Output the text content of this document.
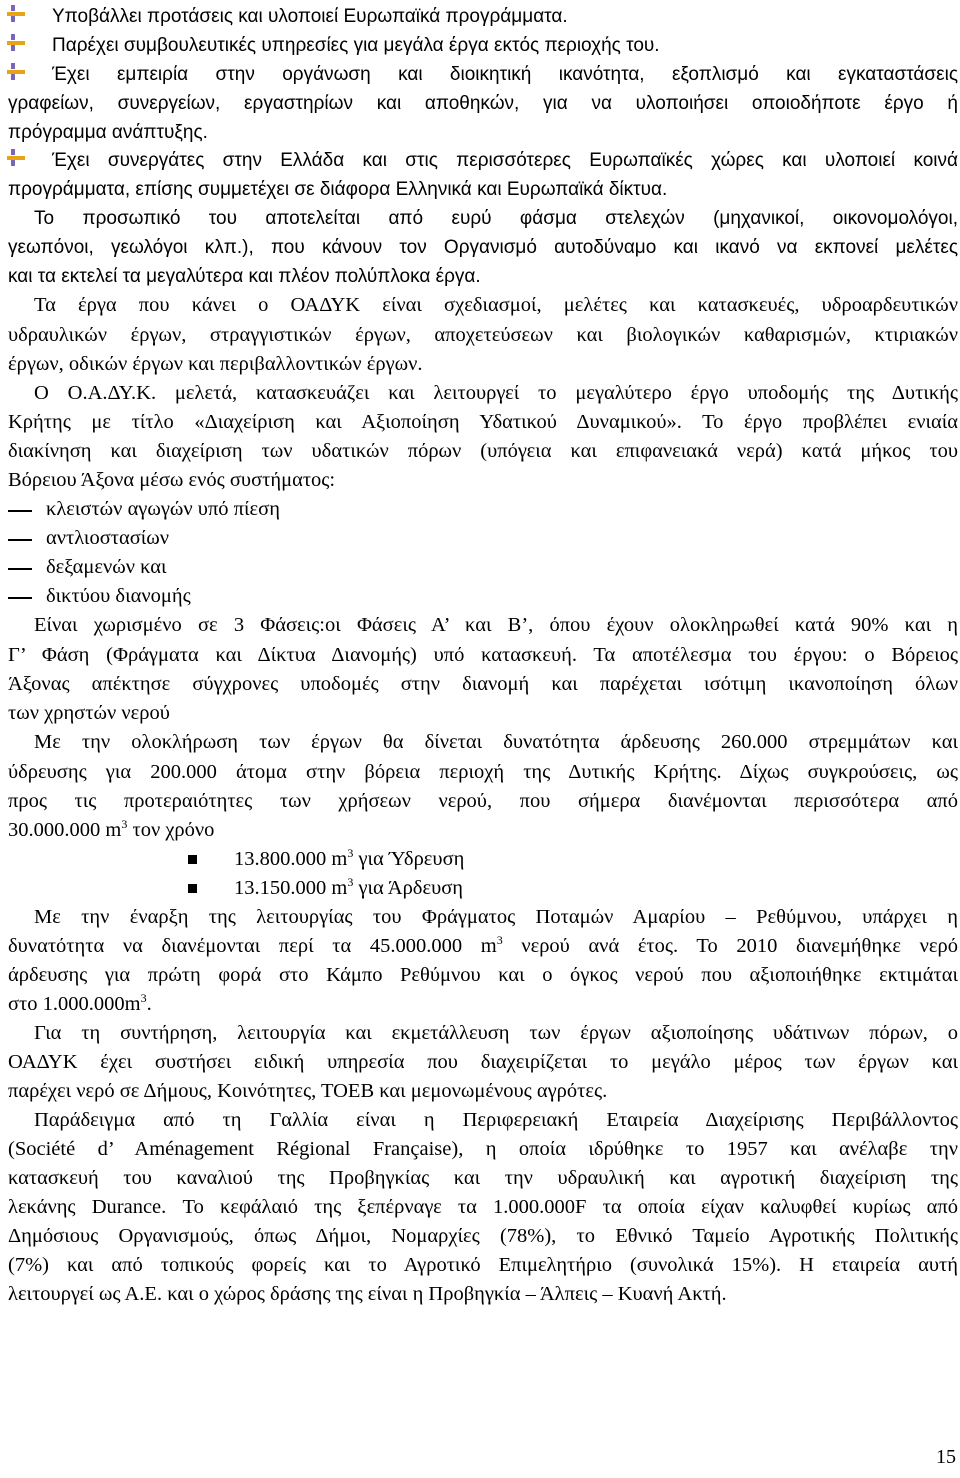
Υποβάλλει προτάσεις και υλοποιεί Ευρωπαϊκά προγράμματα.
Παρέχει συμβουλευτικές υπηρεσίες για μεγάλα έργα εκτός περιοχής του.
Έχει εμπειρία στην οργάνωση και διοικητική ικανότητα, εξοπλισμό και εγκαταστάσεις
γραφείων, συνεργείων, εργαστηρίων και αποθηκών, για να υλοποιήσει οποιοδήποτε έργο ή
πρόγραμμα ανάπτυξης.
Έχει συνεργάτες στην Ελλάδα και στις περισσότερες Ευρωπαϊκές χώρες και υλοποιεί κοινά
προγράμματα, επίσης συμμετέχει σε διάφορα Ελληνικά και Ευρωπαϊκά δίκτυα.
Το προσωπικό του αποτελείται από ευρύ φάσμα στελεχών (μηχανικοί, οικονομολόγοι,
γεωπόνοι, γεωλόγοι κλπ.), που κάνουν τον Οργανισμό αυτοδύναμο και ικανό να εκπονεί μελέτες
και τα εκτελεί τα μεγαλύτερα και πλέον πολύπλοκα έργα.
Τα έργα που κάνει ο ΟΑΔΥΚ είναι σχεδιασμοί, μελέτες και κατασκευές, υδροαρδευτικών
υδραυλικών έργων, στραγγιστικών έργων, αποχετεύσεων και βιολογικών καθαρισμών, κτιριακών
έργων, οδικών έργων και περιβαλλοντικών έργων.
Ο Ο.Α.ΔΥ.Κ. μελετά, κατασκευάζει και λειτουργεί το μεγαλύτερο έργο υποδομής της Δυτικής
Κρήτης με τίτλο «Διαχείριση και Αξιοποίηση Υδατικού Δυναμικού». Το έργο προβλέπει ενιαία
διακίνηση και διαχείριση των υδατικών πόρων (υπόγεια και επιφανειακά νερά) κατά μήκος του
Βόρειου Άξονα μέσω ενός συστήματος:
κλειστών αγωγών υπό πίεση
αντλιοστασίων
δεξαμενών και
δικτύου διανομής
Είναι χωρισμένο σε 3 Φάσεις:οι Φάσεις Α’ και Β’, όπου έχουν ολοκληρωθεί κατά 90% και η
Γ’ Φάση (Φράγματα και Δίκτυα Διανομής) υπό κατασκευή. Τα αποτέλεσμα του έργου: ο Βόρειος
Άξονας απέκτησε σύγχρονες υποδομές στην διανομή και παρέχεται ισότιμη ικανοποίηση όλων
των χρηστών νερού
Με την ολοκλήρωση των έργων θα δίνεται δυνατότητα άρδευσης 260.000 στρεμμάτων και
ύδρευσης για 200.000 άτομα στην βόρεια περιοχή της Δυτικής Κρήτης. Δίχως συγκρούσεις, ως
προς τις προτεραιότητες των χρήσεων νερού, που σήμερα διανέμονται περισσότερα από
30.000.000 $m^3$ τον χρόνο
13.800.000 $m^3$ για Ύδρευση
13.150.000 $m^3$ για Άρδευση
Με την έναρξη της λειτουργίας του Φράγματος Ποταμών Αμαρίου – Ρεθύμνου, υπάρχει η
δυνατότητα να διανέμονται περί τα 45.000.000 $m^3$ νερού ανά έτος. Το 2010 διανεμήθηκε νερό
άρδευσης για πρώτη φορά στο Κάμπο Ρεθύμνου και ο όγκος νερού που αξιοποιήθηκε εκτιμάται
στο $1.000.000m^3$.
Για τη συντήρηση, λειτουργία και εκμετάλλευση των έργων αξιοποίησης υδάτινων πόρων, ο
ΟΑΔΥΚ έχει συστήσει ειδική υπηρεσία που διαχειρίζεται το μεγάλο μέρος των έργων και
παρέχει νερό σε Δήμους, Κοινότητες, ΤΟΕΒ και μεμονωμένους αγρότες.
Παράδειγμα από τη Γαλλία είναι η Περιφερειακή Εταιρεία Διαχείρισης Περιβάλλοντος
(Société d’ Aménagement Régional Française), η οποία ιδρύθηκε το 1957 και ανέλαβε την
κατασκευή του καναλιού της Προβηγκίας και την υδραυλική και αγροτική διαχείριση της
λεκάνης Durance. Το κεφάλαιό της ξεπέρναγε τα 1.000.000F τα οποία είχαν καλυφθεί κυρίως από
Δημόσιους Οργανισμούς, όπως Δήμοι, Νομαρχίες (78%), το Εθνικό Ταμείο Αγροτικής Πολιτικής
(7%) και από τοπικούς φορείς και το Αγροτικό Επιμελητήριο (συνολικά 15%). Η εταιρεία αυτή
λειτουργεί ως Α.Ε. και ο χώρος δράσης της είναι η Προβηγκία – Άλπεις – Κυανή Ακτή.
15
